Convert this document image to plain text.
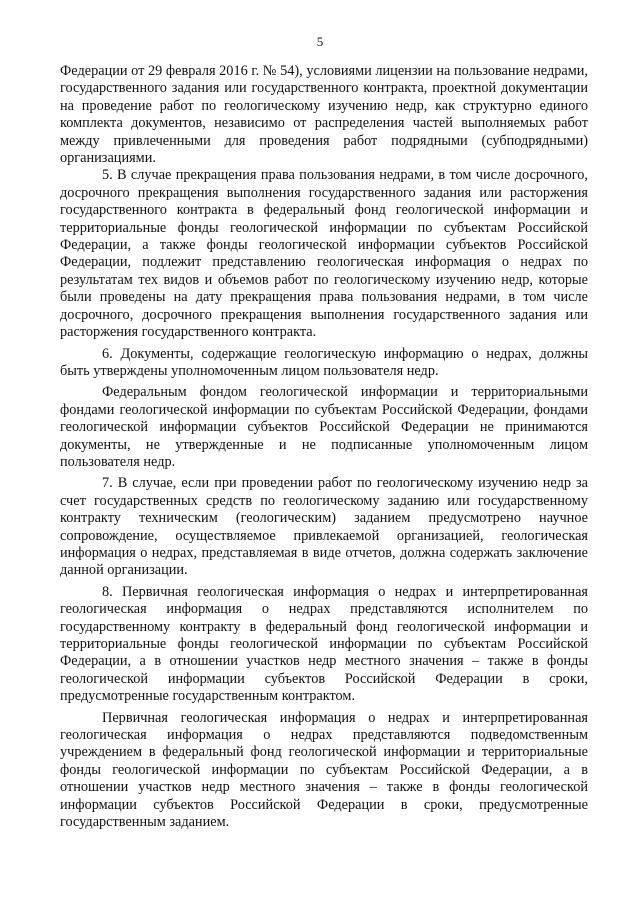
5

Федерации от 29 февраля 2016 г. № 54), условиями лицензии на пользование недрами, государственного задания или государственного контракта, проектной документации на проведение работ по геологическому изучению недр, как структурно единого комплекта документов, независимо от распределения частей выполняемых работ между привлеченными для проведения работ подрядными (субподрядными) организациями.

5. В случае прекращения права пользования недрами, в том числе досрочного, досрочного прекращения выполнения государственного задания или расторжения государственного контракта в федеральный фонд геологической информации и территориальные фонды геологической информации по субъектам Российской Федерации, а также фонды геологической информации субъектов Российской Федерации, подлежит представлению геологическая информация о недрах по результатам тех видов и объемов работ по геологическому изучению недр, которые были проведены на дату прекращения права пользования недрами, в том числе досрочного, досрочного прекращения выполнения государственного задания или расторжения государственного контракта.

6. Документы, содержащие геологическую информацию о недрах, должны быть утверждены уполномоченным лицом пользователя недр.

Федеральным фондом геологической информации и территориальными фондами геологической информации по субъектам Российской Федерации, фондами геологической информации субъектов Российской Федерации не принимаются документы, не утвержденные и не подписанные уполномоченным лицом пользователя недр.

7. В случае, если при проведении работ по геологическому изучению недр за счет государственных средств по геологическому заданию или государственному контракту техническим (геологическим) заданием предусмотрено научное сопровождение, осуществляемое привлекаемой организацией, геологическая информация о недрах, представляемая в виде отчетов, должна содержать заключение данной организации.

8. Первичная геологическая информация о недрах и интерпретированная геологическая информация о недрах представляются исполнителем по государственному контракту в федеральный фонд геологической информации и территориальные фонды геологической информации по субъектам Российской Федерации, а в отношении участков недр местного значения – также в фонды геологической информации субъектов Российской Федерации в сроки, предусмотренные государственным контрактом.

Первичная геологическая информация о недрах и интерпретированная геологическая информация о недрах представляются подведомственным учреждением в федеральный фонд геологической информации и территориальные фонды геологической информации по субъектам Российской Федерации, а в отношении участков недр местного значения – также в фонды геологической информации субъектов Российской Федерации в сроки, предусмотренные государственным заданием.
